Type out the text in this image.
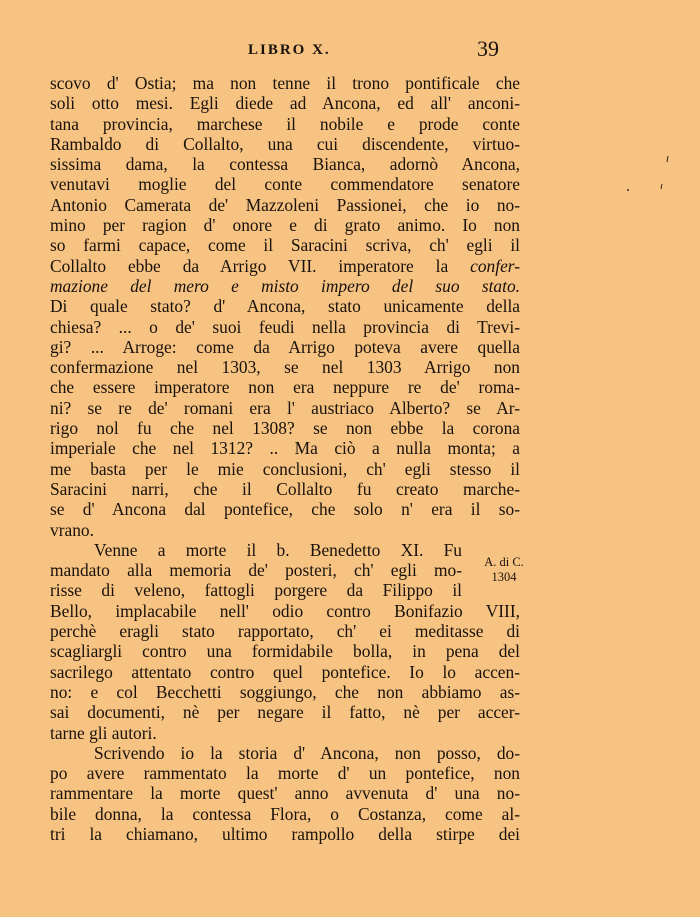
LIBRO X.	39
scovo d' Ostia; ma non tenne il trono pontificale che
soli otto mesi. Egli diede ad Ancona, ed all' anconi-
tana provincia, marchese il nobile e prode conte
Rambaldo di Collalto, una cui discendente, virtuo-
sissima dama, la contessa Bianca, adornò Ancona,
venutavi moglie del conte commendatore senatore
Antonio Camerata de' Mazzoleni Passionei, che io no-
mino per ragion d' onore e di grato animo. Io non
so farmi capace, come il Saracini scriva, ch' egli il
Collalto ebbe da Arrigo VII. imperatore la confer-
mazione del mero e misto impero del suo stato.
Di quale stato? d' Ancona, stato unicamente della
chiesa? ... o de' suoi feudi nella provincia di Trevi-
gi? ... Arroge: come da Arrigo poteva avere quella
confermazione nel 1303, se nel 1303 Arrigo non
che essere imperatore non era neppure re de' roma-
ni? se re de' romani era l' austriaco Alberto? se Ar-
rigo nol fu che nel 1308? se non ebbe la corona
imperiale che nel 1312? .. Ma ciò a nulla monta; a
me basta per le mie conclusioni, ch' egli stesso il
Saracini narri, che il Collalto fu creato marche-
se d' Ancona dal pontefice, che solo n' era il so-
vrano.
Venne a morte il b. Benedetto XI. Fu
mandato alla memoria de' posteri, ch' egli mo-
risse di veleno, fattogli porgere da Filippo il
Bello, implacabile nell' odio contro Bonifazio VIII,
perchè eragli stato rapportato, ch' ei meditasse di
scagliargli contro una formidabile bolla, in pena del
sacrilego attentato contro quel pontefice. Io lo accen-
no: e col Becchetti soggiungo, che non abbiamo as-
sai documenti, nè per negare il fatto, nè per accer-
tarne gli autori.
Scrivendo io la storia d' Ancona, non posso, do-
po avere rammentato la morte d' un pontefice, non
rammentare la morte quest' anno avvenuta d' una no-
bile donna, la contessa Flora, o Costanza, come al-
tri la chiamano, ultimo rampollo della stirpe dei
A. di C.
1304
